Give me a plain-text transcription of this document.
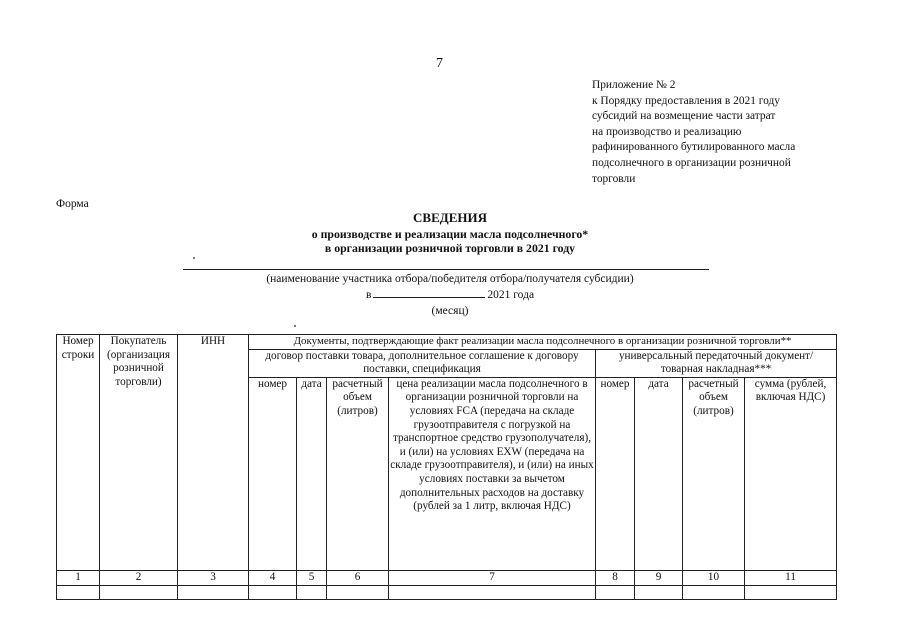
7
Приложение № 2
к Порядку предоставления в 2021 году
субсидий на возмещение части затрат
на производство и реализацию
рафинированного бутилированного масла
подсолнечного в организации розничной
торговли
Форма
СВЕДЕНИЯ
о производстве и реализации масла подсолнечного*
в организации розничной торговли в 2021 году
(наименование участника отбора/победителя отбора/получателя субсидии)
в	2021 года
(месяц)
Номер строки	Покупатель (организация розничной торговли)	ИНН	Документы, подтверждающие факт реализации масла подсолнечного в организации розничной торговли**							
			договор поставки товара, дополнительное соглашение к договору поставки, спецификация				универсальный передаточный документ/ товарная накладная***			
			номер	дата	расчетный объем (литров)	цена реализации масла подсолнечного в организации розничной торговли на условиях FCA (передача на складе грузоотправителя с погрузкой на транспортное средство грузополучателя), и (или) на условиях EXW (передача на складе грузоотправителя), и (или) на иных условиях поставки за вычетом дополнительных расходов на доставку (рублей за 1 литр, включая НДС)	номер	дата	расчетный объем (литров)	сумма (рублей, включая НДС)
1	2	3	4	5	6	7	8	9	10	11
